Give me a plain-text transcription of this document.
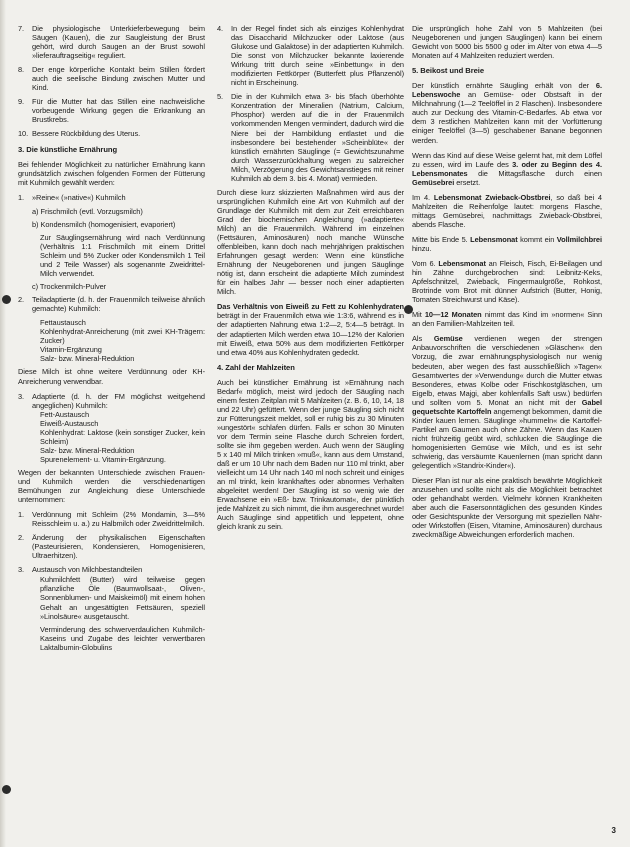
7.	Die physiologische Unterkieferbewegung beim Säugen (Kauen), die zur Saugleistung der Brust gehört, wird durch Saugen an der Brust sowohl »lieferauftragseitig« reguliert.
8.	Der enge körperliche Kontakt beim Stillen fördert auch die seelische Bindung zwischen Mutter und Kind.
9.	Für die Mutter hat das Stillen eine nachweisliche vorbeugende Wirkung gegen die Erkrankung an Brustkrebs.
10. Bessere Rückbildung des Uterus.
3. Die künstliche Ernährung

Bei fehlender Möglichkeit zu natürlicher Ernährung kann grundsätzlich zwischen folgenden Formen der Fütterung mit Kuhmilch gewählt werden:

1.	»Reine« (»native«) Kuhmilch
a) Frischmilch (evtl. Vorzugsmilch)
b) Kondensmilch (homogenisiert, evaporiert)
Zur Säuglingsernährung wird nach Verdünnung (Verhältnis 1:1 Frischmilch mit einem Drittel Schleim und 5% Zucker oder Kondensmilch 1 Teil und 2 Teile Wasser) als sogenannte Zweidrittel-Milch verwendet.
c) Trockenmilch-Pulver
2.	Teiladaptierte (d. h. der Frauenmilch teilweise ähnlich gemachte) Kuhmilch:
Fettaustausch
Kohlenhydrat-Anreicherung (mit zwei KH-Trägern: Zucker)
Vitamin-Ergänzung
Salz- bzw. Mineral-Reduktion

Diese Milch ist ohne weitere Verdünnung oder KH-Anreicherung verwendbar.

3.	Adaptierte (d. h. der FM möglichst weitgehend angeglichen) Kuhmilch:
Fett-Austausch
Eiweiß-Austausch
Kohlenhydrat: Laktose (kein sonstiger Zucker, kein Schleim)
Salz- bzw. Mineral-Reduktion
Spurenelement- u. Vitamin-Ergänzung.

Wegen der bekannten Unterschiede zwischen Frauen- und Kuhmilch werden die verschiedenartigen Bemühungen zur Angleichung diese Unterschiede unternommen:

1.	Verdünnung mit Schleim (2% Mondamin, 3—5% Reisschleim u. a.) zu Halbmilch oder Zweidrittelmilch.
2.	Änderung der physikalischen Eigenschaften (Pasteurisieren, Kondensieren, Homogenisieren, Ultraerhitzen).
3.	Austausch von Milchbestandteilen
Kuhmilchfett (Butter) wird teilweise gegen pflanzliche Öle (Baumwollsaat-, Oliven-, Sonnenblumen- und Maiskeimöl) mit einem hohen Gehalt an ungesättigten Fettsäuren, speziell »Linolsäure« ausgetauscht.
Verminderung des schwerverdaulichen Kuhmilch-Kaseins und Zugabe des leichter verwertbaren Laktalbumin-Globulins
4.	In der Regel findet sich als einziges Kohlenhydrat das Disaccharid Milchzucker oder Laktose (aus Glukose und Galaktose) in der adaptierten Kuhmilch. Die sonst von Milchzucker bekannte laxierende Wirkung tritt durch seine »Einbettung« in den modifizierten Fettkörper (Butterfett plus Pflanzenöl) nicht in Erscheinung.
5.	Die in der Kuhmilch etwa 3- bis 5fach überhöhte Konzentration der Mineralien (Natrium, Calcium, Phosphor) werden auf die in der Frauenmilch vorkommenden Mengen vermindert, dadurch wird die Niere bei der Harnbildung entlastet und die insbesondere bei bestehender »Scheinblüte« der künstlich ernährten Säuglinge (= Gewichtszunahme durch Wasserzurückhaltung wegen zu salzreicher Milch, Verzögerung des Gewichtsanstieges mit reiner Kuhmilch ab dem 3. bis 4. Monat) vermieden.

Durch diese kurz skizzierten Maßnahmen wird aus der ursprünglichen Kuhmilch eine Art von Kuhmilch auf der Grundlage der Kuhmilch mit dem zur Zeit erreichbaren Grad der biochemischen Angleichung (»adaptierte« Milch) an die Frauenmilch. Während im einzelnen (Fettsäuren, Aminosäuren) noch manche Wünsche offenbleiben, kann doch nach mehrjährigen praktischen Erfahrungen gesagt werden: Wenn eine künstliche Ernährung der Neugeborenen und jungen Säuglinge nötig ist, dann erscheint die adaptierte Milch zumindest für ein halbes Jahr — besser noch einer adaptierten Milch.

Das Verhältnis von Eiweiß zu Fett zu Kohlenhydraten beträgt in der Frauenmilch etwa wie 1:3:6, während es in der adaptierten Nahrung etwa 1:2—2, 5:4—5 beträgt. In der adaptierten Milch werden etwa 10—12% der Kalorien mit Eiweiß, etwa 50% aus dem modifizierten Fettkörper und etwa 40% aus Kohlenhydraten gedeckt.

4. Zahl der Mahlzeiten

Auch bei künstlicher Ernährung ist »Ernährung nach Bedarf« möglich, meist wird jedoch der Säugling nach einem festen Zeitplan mit 5 Mahlzeiten (z. B. 6, 10, 14, 18 und 22 Uhr) gefüttert. Wenn der junge Säugling sich nicht zur Fütterungszeit meldet, soll er ruhig bis zu 30 Minuten »ungestört« schlafen dürfen. Falls er schon 30 Minuten vor dem Termin seine Flasche durch Schreien fordert, sollte sie ihm gegeben werden. Auch wenn der Säugling 5 x 140 ml Milch trinken »muß«, kann aus dem Umstand, daß er um 10 Uhr nach dem Baden nur 110 ml trinkt, aber vielleicht um 14 Uhr nach 140 ml noch schreit und einiges an ml trinkt, kein krankhaftes oder abnormes Verhalten abgeleitet werden! Der Säugling ist so wenig wie der Erwachsene ein »Eß- bzw. Trinkautomat«, der pünktlich jede Mahlzeit zu sich nimmt, die ihm ausgerechnet wurde! Auch Säuglinge sind appetitlich und leppetent, ohne gleich krank zu sein.

Die ursprünglich hohe Zahl von 5 Mahlzeiten (bei Neugeborenen und jungen Säuglingen) kann bei einem Gewicht von 5000 bis 5500 g oder im Alter von etwa 4—5 Monaten auf 4 Mahlzeiten reduziert werden.

5. Beikost und Breie

Der künstlich ernährte Säugling erhält von der 6. Lebenswoche an Gemüse- oder Obstsaft in der Milchnahrung (1—2 Teelöffel in 2 Flaschen). Insbesondere auch zur Deckung des Vitamin-C-Bedarfes. Ab etwa vor dem 3 restlichen Mahlzeiten kann mit der Vorfütterung einiger Teelöffel (3—5) geschabener Banane begonnen werden.

Wenn das Kind auf diese Weise gelernt hat, mit dem Löffel zu essen, wird im Laufe des 3. oder zu Beginn des 4. Lebensmonates die Mittagsflasche durch einen Gemüsebrei ersetzt.

Im 4. Lebensmonat Zwieback-Obstbrei, so daß bei 4 Mahlzeiten die Reihenfolge lautet: morgens Flasche, mittags Gemüsebrei, nachmittags Zwieback-Obstbrei, abends Flasche.

Mitte bis Ende 5. Lebensmonat kommt ein Vollmilchbrei hinzu.

Vom 6. Lebensmonat an Fleisch, Fisch, Ei-Beilagen und hin Zähne durchgebrochen sind: Leibnitz-Keks, Apfelschnitzel, Zwieback, Fingermaulgröße, Rohkost, Brotrinde vom Brot mit dünner Aufstrich (Butter, Honig, Tomaten Streichwurst und Käse).

Mit 10—12 Monaten nimmt das Kind im »normen« Sinn an den Familien-Mahlzeiten teil.

Als Gemüse verdienen wegen der strengen Anbauvorschriften die verschiedenen »Gläschen« den Vorzug, die zwar ernährungsphysiologisch nur wenig bedeuten, aber wegen des fast ausschließlich »Tagen« Gesamtwertes der »Verwendung« durch die Mutter etwas Besonderes, etwas Kolbe oder Frischkostgläschen, um Eigelb, etwas Majgi, aber kohlenfalls Saft usw.) bedürfen und sollten vom 5. Monat an nicht mit der Gabel gequetschte Kartoffeln angemengt bekommen, damit die Kinder kauen lernen. Säuglinge »hummeln« die Kartoffel-Partikel am Gaumen auch ohne Zähne. Wenn das Kauen nicht frühzeitig geübt wird, schlucken die Säuglinge die homogenisierten Gemüse wie Milch, und es ist sehr schwierig, das versäumte Kauenlernen (man spricht dann gelegentlich »Standrix-Kinder«).

Dieser Plan ist nur als eine praktisch bewährte Möglichkeit anzusehen und sollte nicht als die Möglichkeit betrachtet oder gehandhabt werden. Vielmehr können Krankheiten aber auch die Fasersonntäglichen des gesunden Kindes oder Gesichtspunkte der Versorgung mit speziellen Nähr- oder Wirkstoffen (Eisen, Vitamine, Aminosäuren) durchaus zweckmäßige Abweichungen erforderlich machen.

3
